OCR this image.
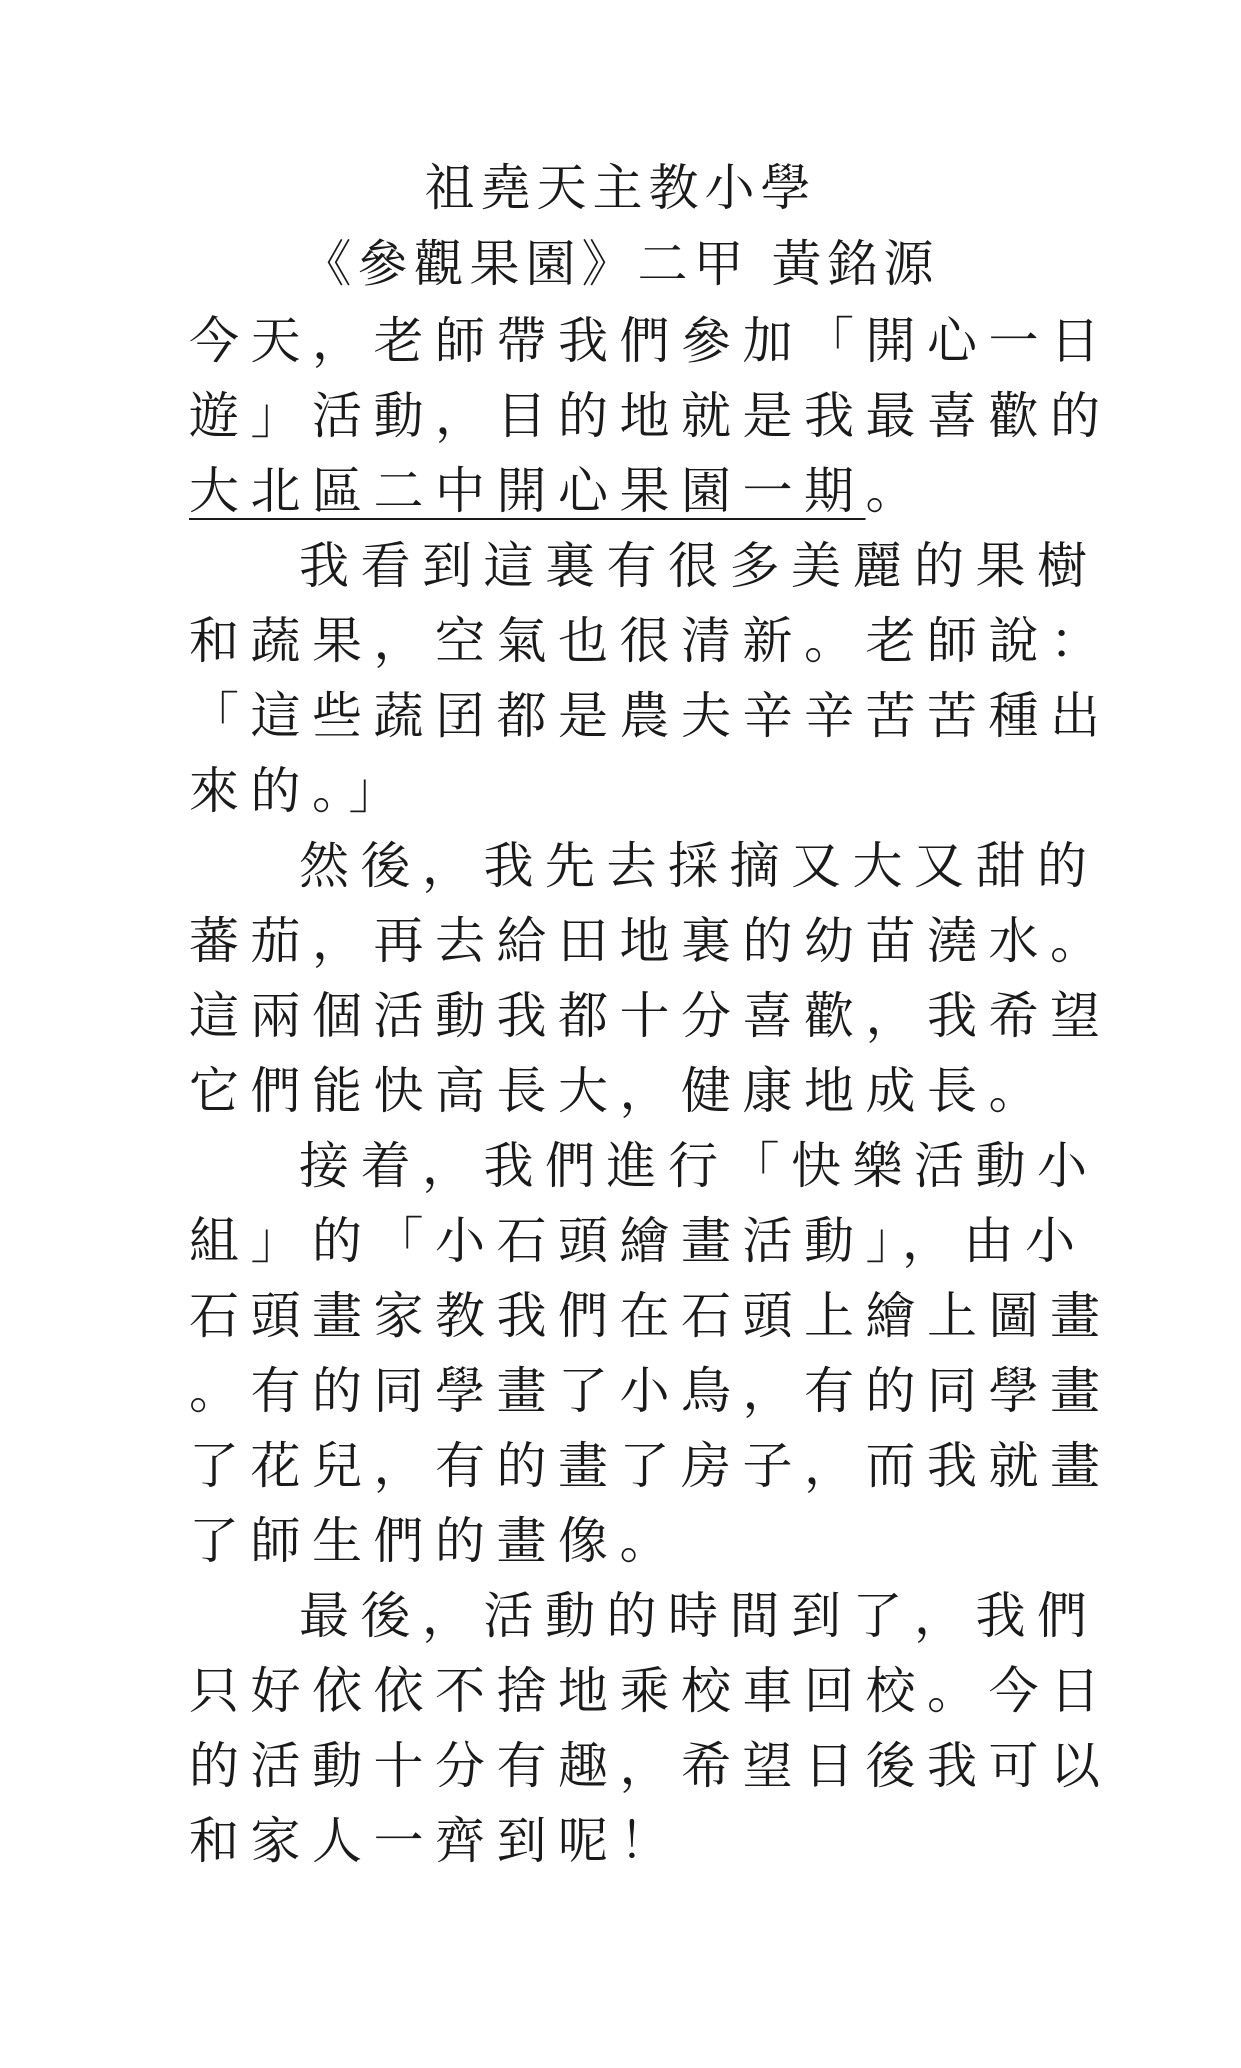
祖堯天主教小學
《參觀果園》二甲 黃銘源
今天，老師帶我們參加「開心一日
遊」活動，目的地就是我最喜歡的
大北區二中開心果園一期。
我看到這裏有很多美麗的果樹
和蔬果，空氣也很清新。老師說：
「這些蔬囝都是農夫辛辛苦苦種出
來的。」
然後，我先去採摘又大又甜的
蕃茄，再去給田地裏的幼苗澆水。
這兩個活動我都十分喜歡，我希望
它們能快高長大，健康地成長。
接着，我們進行「快樂活動小
組」的「小石頭繪畫活動」，由小
石頭畫家教我們在石頭上繪上圖畫
。有的同學畫了小鳥，有的同學畫
了花兒，有的畫了房子，而我就畫
了師生們的畫像。
最後，活動的時間到了，我們
只好依依不捨地乘校車回校。今日
的活動十分有趣，希望日後我可以
和家人一齊到呢！
